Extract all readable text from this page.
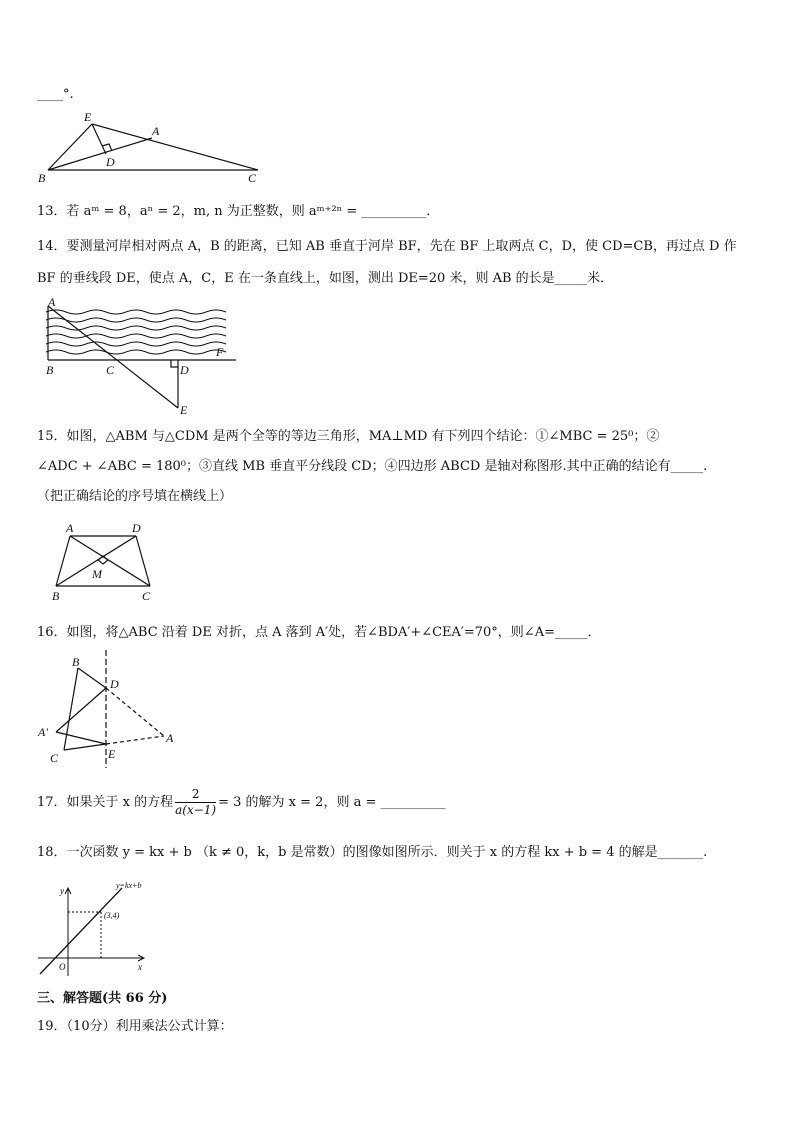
____°.
E
A
D
B	C
13．若 aᵐ = 8，aⁿ = 2，m, n 为正整数，则 aᵐ⁺²ⁿ = __________．
14．要测量河岸相对两点 A，B 的距离，已知 AB 垂直于河岸 BF，先在 BF 上取两点 C，D，使 CD=CB，再过点 D 作
BF 的垂线段 DE，使点 A，C，E 在一条直线上，如图，测出 DE=20 米，则 AB 的长是_____米．
A
F
B	C	D
E
15．如图，△ABM 与△CDM 是两个全等的等边三角形，MA⊥MD 有下列四个结论：①∠MBC = 25⁰；②
∠ADC + ∠ABC = 180⁰；③直线 MB 垂直平分线段 CD；④四边形 ABCD 是轴对称图形.其中正确的结论有_____.
（把正确结论的序号填在横线上）
A	D
M
B	C
16．如图，将△ABC 沿着 DE 对折，点 A 落到 A′处，若∠BDA′+∠CEA′=70°，则∠A=_____．
B
D
A′	A
C	E
17．如果关于 x 的方程 $\frac{2}{a(x-1)} = 3$ 的解为 x = 2，则 a = __________
18．一次函数 y = kx + b （k ≠ 0，k，b 是常数）的图像如图所示．则关于 x 的方程 kx + b = 4 的解是_______.
y
x
O
y=kx+b
(3,4)
三、解答题(共 66 分)
19．（10分）利用乘法公式计算：
